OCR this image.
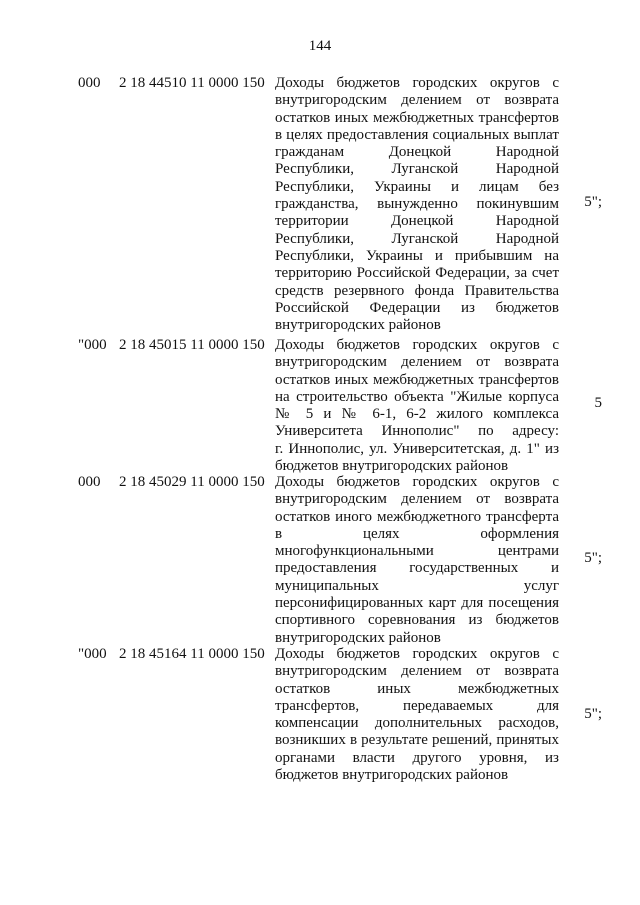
144
000 2 18 44510 11 0000 150 Доходы бюджетов городских округов с
внутригородским делением от возврата
остатков иных межбюджетных трансфертов
в целях предоставления социальных выплат
гражданам Донецкой Народной
Республики, Луганской Народной
Республики, Украины и лицам без
гражданства, вынужденно покинувшим
территории Донецкой Народной
Республики, Луганской Народной
Республики, Украины и прибывшим на
территорию Российской Федерации, за счет
средств резервного фонда Правительства
Российской Федерации из бюджетов
внутригородских районов
5";
"000 2 18 45015 11 0000 150 Доходы бюджетов городских округов с
внутригородским делением от возврата
остатков иных межбюджетных трансфертов
на строительство объекта "Жилые корпуса
№ 5 и № 6-1, 6-2 жилого комплекса
Университета Иннополис" по адресу:
г. Иннополис, ул. Университетская, д. 1" из
бюджетов внутригородских районов
5
000 2 18 45029 11 0000 150 Доходы бюджетов городских округов с
внутригородским делением от возврата
остатков иного межбюджетного трансферта
в целях оформления
многофункциональными центрами
предоставления государственных и
муниципальных услуг
персонифицированных карт для посещения
спортивного соревнования из бюджетов
внутригородских районов
5";
"000 2 18 45164 11 0000 150 Доходы бюджетов городских округов с
внутригородским делением от возврата
остатков иных межбюджетных
трансфертов, передаваемых для
компенсации дополнительных расходов,
возникших в результате решений, принятых
органами власти другого уровня, из
бюджетов внутригородских районов
5";
